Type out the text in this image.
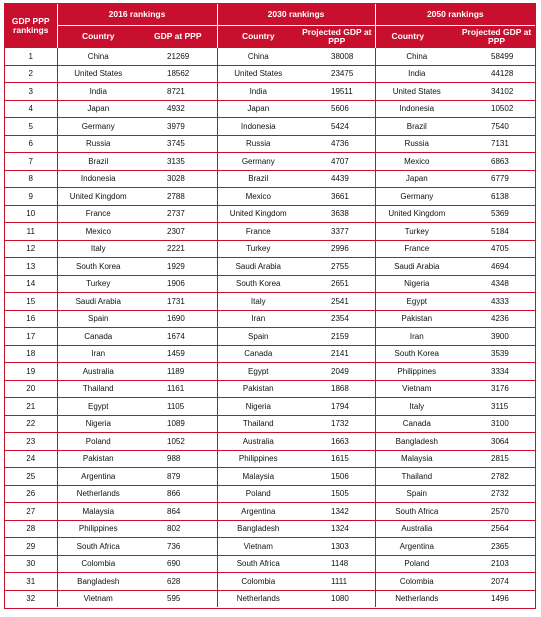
GDP PPP rankings	2016 rankings		2030 rankings		2050 rankings	
	Country	GDP at PPP	Country	Projected GDP at PPP	Country	Projected GDP at PPP
1	China	21269	China	38008	China	58499
2	United States	18562	United States	23475	India	44128
3	India	8721	India	19511	United States	34102
4	Japan	4932	Japan	5606	Indonesia	10502
5	Germany	3979	Indonesia	5424	Brazil	7540
6	Russia	3745	Russia	4736	Russia	7131
7	Brazil	3135	Germany	4707	Mexico	6863
8	Indonesia	3028	Brazil	4439	Japan	6779
9	United Kingdom	2788	Mexico	3661	Germany	6138
10	France	2737	United Kingdom	3638	United Kingdom	5369
11	Mexico	2307	France	3377	Turkey	5184
12	Italy	2221	Turkey	2996	France	4705
13	South Korea	1929	Saudi Arabia	2755	Saudi Arabia	4694
14	Turkey	1906	South Korea	2651	Nigeria	4348
15	Saudi Arabia	1731	Italy	2541	Egypt	4333
16	Spain	1690	Iran	2354	Pakistan	4236
17	Canada	1674	Spain	2159	Iran	3900
18	Iran	1459	Canada	2141	South Korea	3539
19	Australia	1189	Egypt	2049	Philippines	3334
20	Thailand	1161	Pakistan	1868	Vietnam	3176
21	Egypt	1105	Nigeria	1794	Italy	3115
22	Nigeria	1089	Thailand	1732	Canada	3100
23	Poland	1052	Australia	1663	Bangladesh	3064
24	Pakistan	988	Philippines	1615	Malaysia	2815
25	Argentina	879	Malaysia	1506	Thailand	2782
26	Netherlands	866	Poland	1505	Spain	2732
27	Malaysia	864	Argentina	1342	South Africa	2570
28	Philippines	802	Bangladesh	1324	Australia	2564
29	South Africa	736	Vietnam	1303	Argentina	2365
30	Colombia	690	South Africa	1148	Poland	2103
31	Bangladesh	628	Colombia	1111	Colombia	2074
32	Vietnam	595	Netherlands	1080	Netherlands	1496
